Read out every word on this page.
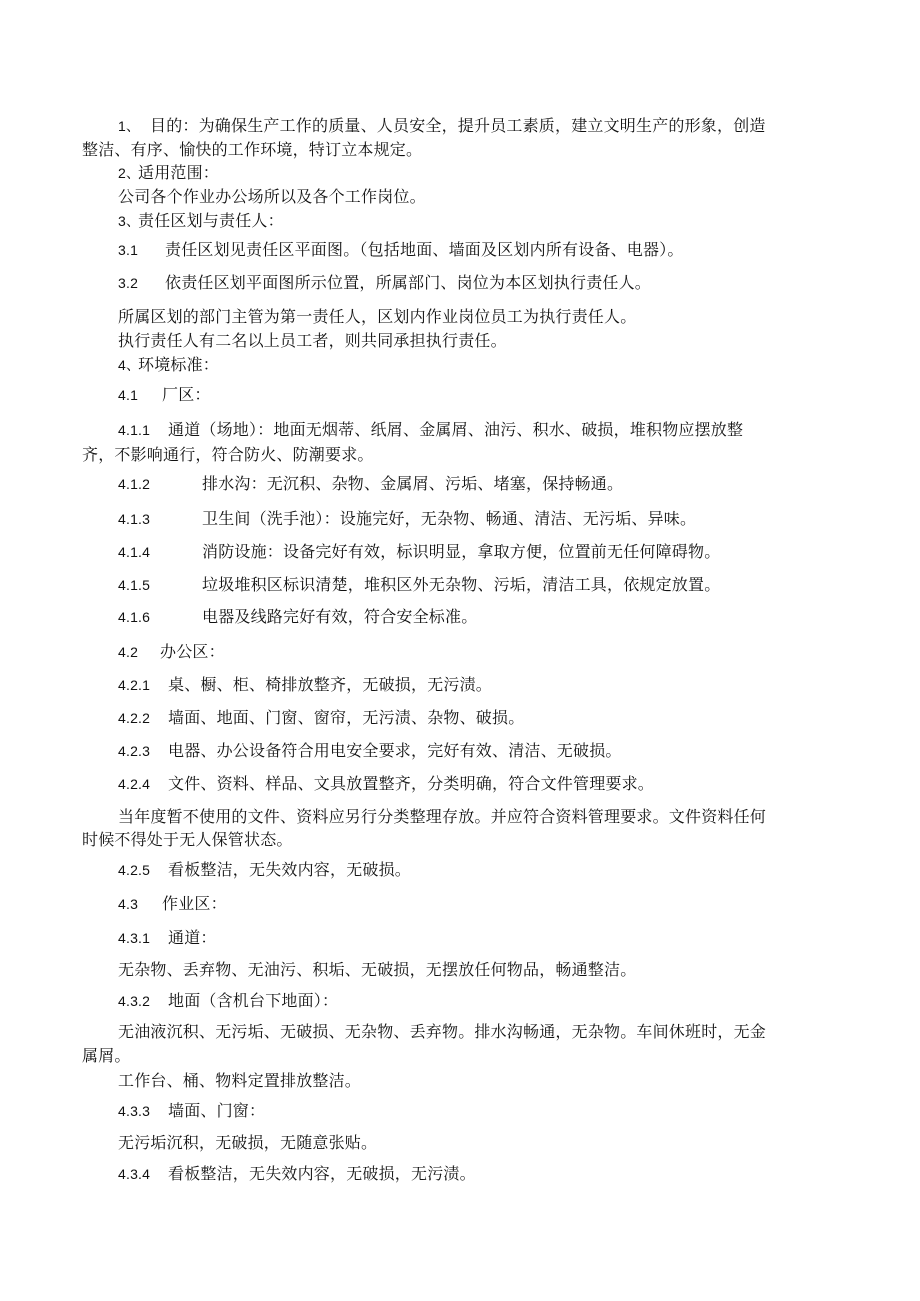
1、 目的：为确保生产工作的质量、人员安全，提升员工素质，建立文明生产的形象，创造
整洁、有序、愉快的工作环境，特订立本规定。
2、
适用范围：
公司各个作业办公场所以及各个工作岗位。
3、
责任区划与责任人：
3.1 责任区划见责任区平面图。（包括地面、墙面及区划内所有设备、电器）。
3.2 依责任区划平面图所示位置，所属部门、岗位为本区划执行责任人。
所属区划的部门主管为第一责任人，区划内作业岗位员工为执行责任人。
执行责任人有二名以上员工者，则共同承担执行责任。
4、
环境标准：
4.1 厂区：
4.1.1 通道（场地）：地面无烟蒂、纸屑、金属屑、油污、积水、破损，堆积物应摆放整
齐，不影响通行，符合防火、防潮要求。
4.1.2	排水沟：无沉积、杂物、金属屑、污垢、堵塞，保持畅通。
4.1.3	卫生间（洗手池）：设施完好，无杂物、畅通、清洁、无污垢、异味。
4.1.4	消防设施：设备完好有效，标识明显，拿取方便，位置前无任何障碍物。
4.1.5	垃圾堆积区标识清楚，堆积区外无杂物、污垢，清洁工具，依规定放置。
4.1.6	电器及线路完好有效，符合安全标准。
4.2 办公区：
4.2.1 桌、橱、柜、椅排放整齐，无破损，无污渍。
4.2.2 墙面、地面、门窗、窗帘，无污渍、杂物、破损。
4.2.3 电器、办公设备符合用电安全要求，完好有效、清洁、无破损。
4.2.4 文件、资料、样品、文具放置整齐，分类明确，符合文件管理要求。
当年度暂不使用的文件、资料应另行分类整理存放。并应符合资料管理要求。文件资料任何
时候不得处于无人保管状态。
4.2.5 看板整洁，无失效内容，无破损。
4.3 作业区：
4.3.1 通道：
无杂物、丢弃物、无油污、积垢、无破损，无摆放任何物品，畅通整洁。
4.3.2 地面（含机台下地面）：
无油液沉积、无污垢、无破损、无杂物、丢弃物。排水沟畅通，无杂物。车间休班时，无金
属屑。
工作台、桶、物料定置排放整洁。
4.3.3 墙面、门窗：
无污垢沉积，无破损，无随意张贴。
4.3.4 看板整洁，无失效内容，无破损，无污渍。
